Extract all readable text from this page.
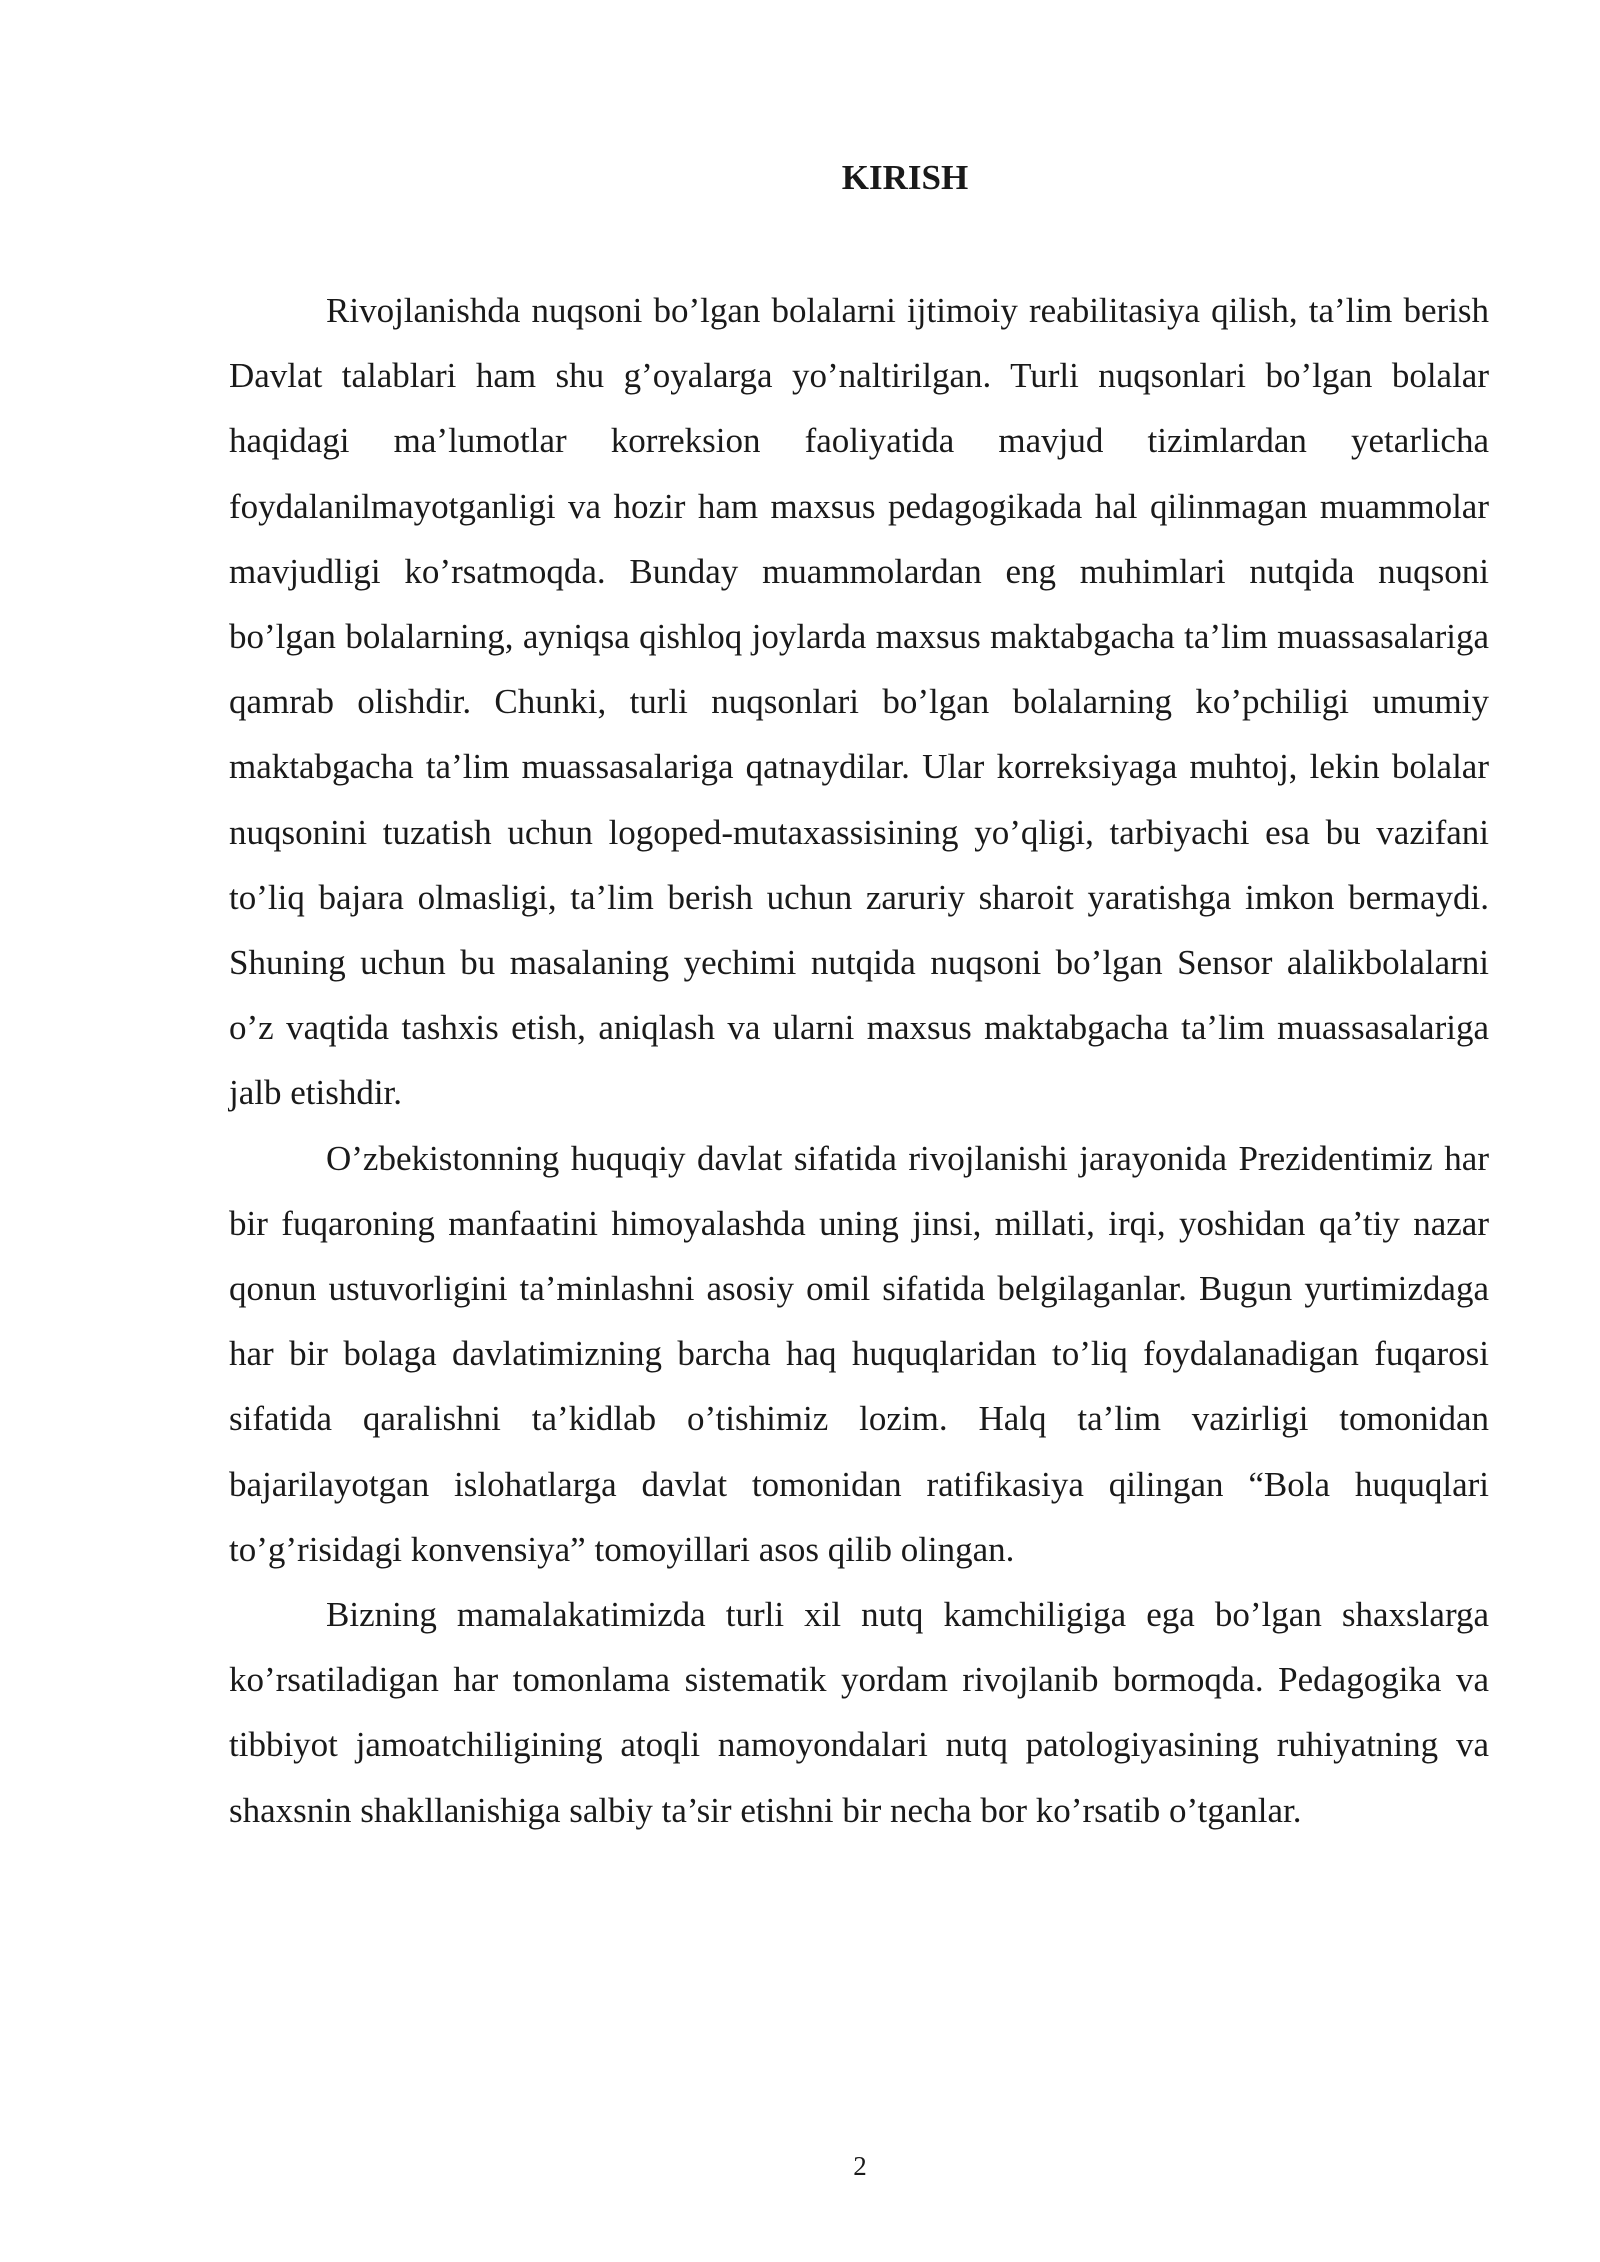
KIRISH

Rivojlanishda nuqsoni bo’lgan bolalarni ijtimoiy reabilitasiya qilish, ta’lim berish Davlat talablari ham shu g’oyalarga yo’naltirilgan. Turli nuqsonlari bo’lgan bolalar haqidagi ma’lumotlar korreksion faoliyatida mavjud tizimlardan yetarlicha foydalanilmayotganligi va hozir ham maxsus pedagogikada hal qilinmagan muammolar mavjudligi ko’rsatmoqda. Bunday muammolardan eng muhimlari nutqida nuqsoni bo’lgan bolalarning, ayniqsa qishloq joylarda maxsus maktabgacha ta’lim muassasalariga qamrab olishdir. Chunki, turli nuqsonlari bo’lgan bolalarning ko’pchiligi umumiy maktabgacha ta’lim muassasalariga qatnaydilar. Ular korreksiyaga muhtoj, lekin bolalar nuqsonini tuzatish uchun logoped-mutaxassisining yo’qligi, tarbiyachi esa bu vazifani to’liq bajara olmasligi, ta’lim berish uchun zaruriy sharoit yaratishga imkon bermaydi. Shuning uchun bu masalaning yechimi nutqida nuqsoni bo’lgan Sensor alalikbolalarni o’z vaqtida tashxis etish, aniqlash va ularni maxsus maktabgacha ta’lim muassasalariga jalb etishdir.

O’zbekistonning huquqiy davlat sifatida rivojlanishi jarayonida Prezidentimiz har bir fuqaroning manfaatini himoyalashda uning jinsi, millati, irqi, yoshidan qa’tiy nazar qonun ustuvorligini ta’minlashni asosiy omil sifatida belgilaganlar. Bugun yurtimizdaga har bir bolaga davlatimizning barcha haq huquqlaridan to’liq foydalanadigan fuqarosi sifatida qaralishni ta’kidlab o’tishimiz lozim. Halq ta’lim vazirligi tomonidan bajarilayotgan islohatlarga davlat tomonidan ratifikasiya qilingan “Bola huquqlari to’g’risidagi konvensiya” tomoyillari asos qilib olingan.

Bizning mamalakatimizda turli xil nutq kamchiligiga ega bo’lgan shaxslarga ko’rsatiladigan har tomonlama sistematik yordam rivojlanib bormoqda. Pedagogika va tibbiyot jamoatchiligining atoqli namoyondalari nutq patologiyasining ruhiyatning va shaxsnin shakllanishiga salbiy ta’sir etishni bir necha bor ko’rsatib o’tganlar.

2
